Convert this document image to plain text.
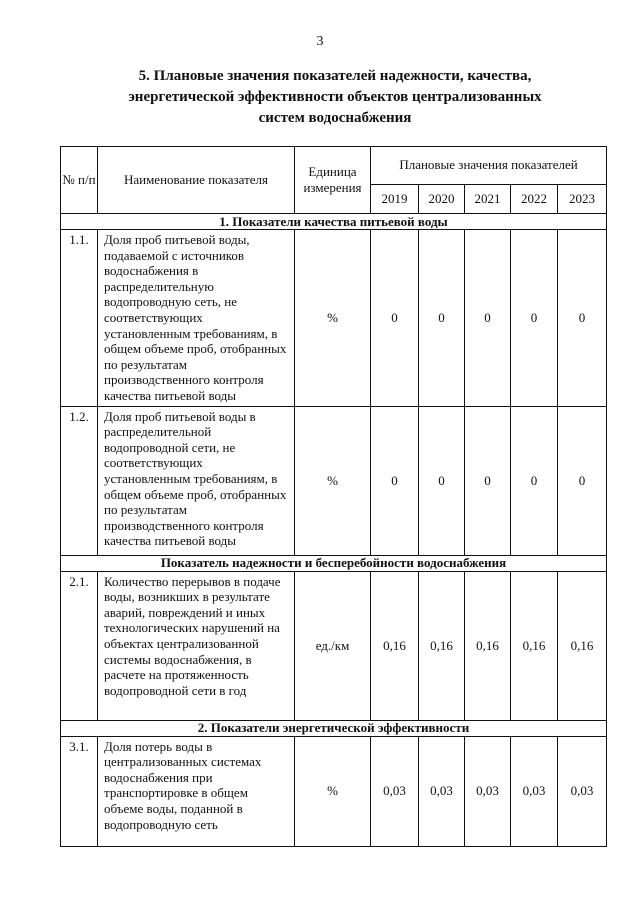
3
5. Плановые значения показателей надежности, качества,
энергетической эффективности объектов централизованных
систем водоснабжения
№ п/п	Наименование показателя	Единица измерения	Плановые значения показателей				
			2019	2020	2021	2022	2023
1. Показатели качества питьевой воды							
1.1.	Доля проб питьевой воды, подаваемой с источников водоснабжения в распределительную водопроводную сеть, не соответствующих установленным требованиям, в общем объеме проб, отобранных по результатам производственного контроля качества питьевой воды	%	0	0	0	0	0
1.2.	Доля проб питьевой воды в распределительной водопроводной сети, не соответствующих установленным требованиям, в общем объеме проб, отобранных по результатам производственного контроля качества питьевой воды	%	0	0	0	0	0
Показатель надежности и бесперебойности водоснабжения							
2.1.	Количество перерывов в подаче воды, возникших в результате аварий, повреждений и иных технологических нарушений на объектах централизованной системы водоснабжения, в расчете на протяженность водопроводной сети в год	ед./км	0,16	0,16	0,16	0,16	0,16
2. Показатели энергетической эффективности							
3.1.	Доля потерь воды в централизованных системах водоснабжения при транспортировке в общем объеме воды, поданной в водопроводную сеть	%	0,03	0,03	0,03	0,03	0,03
